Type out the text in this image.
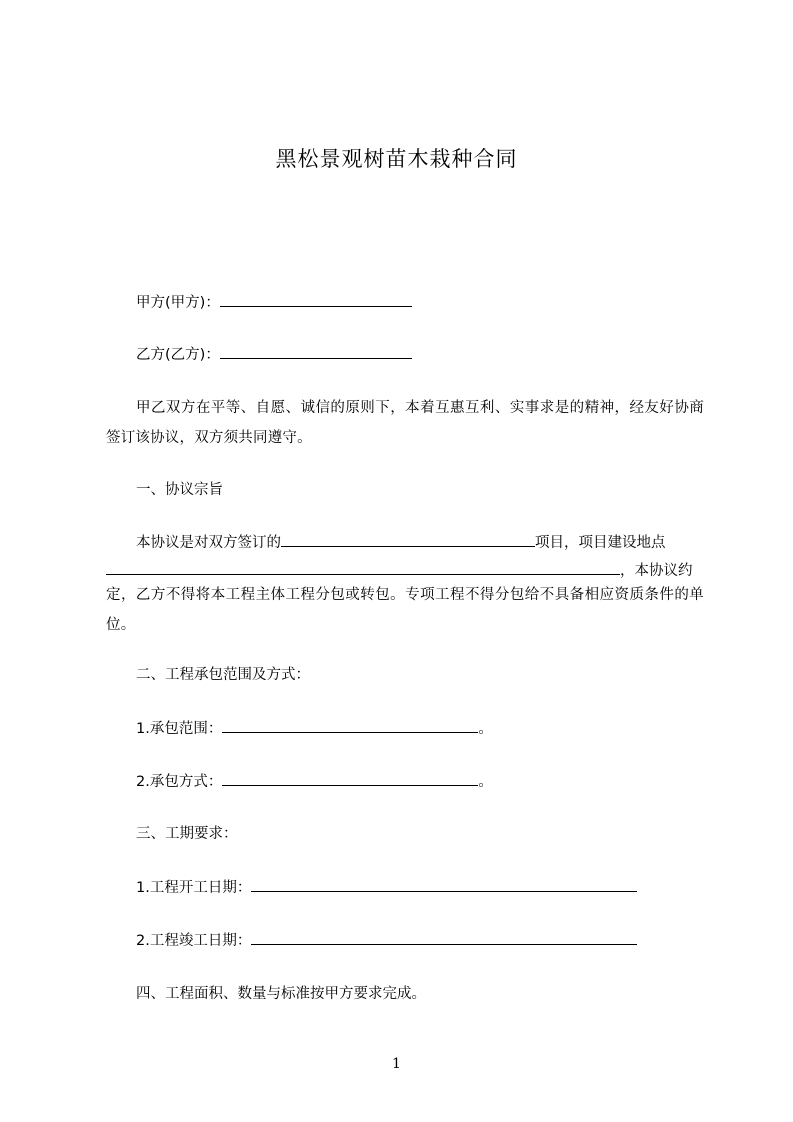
黑松景观树苗木栽种合同
甲方(甲方)：
乙方(乙方)：
甲乙双方在平等、自愿、诚信的原则下，本着互惠互利、实事求是的精神，经友好协商签订该协议，双方须共同遵守。
一、协议宗旨
本协议是对双方签订的	项目，项目建设地点
，本协议约
定，乙方不得将本工程主体工程分包或转包。专项工程不得分包给不具备相应资质条件的单位。
二、工程承包范围及方式：
1.承包范围：	。
2.承包方式：	。
三、工期要求：
1.工程开工日期：
2.工程竣工日期：
四、工程面积、数量与标准按甲方要求完成。
1
